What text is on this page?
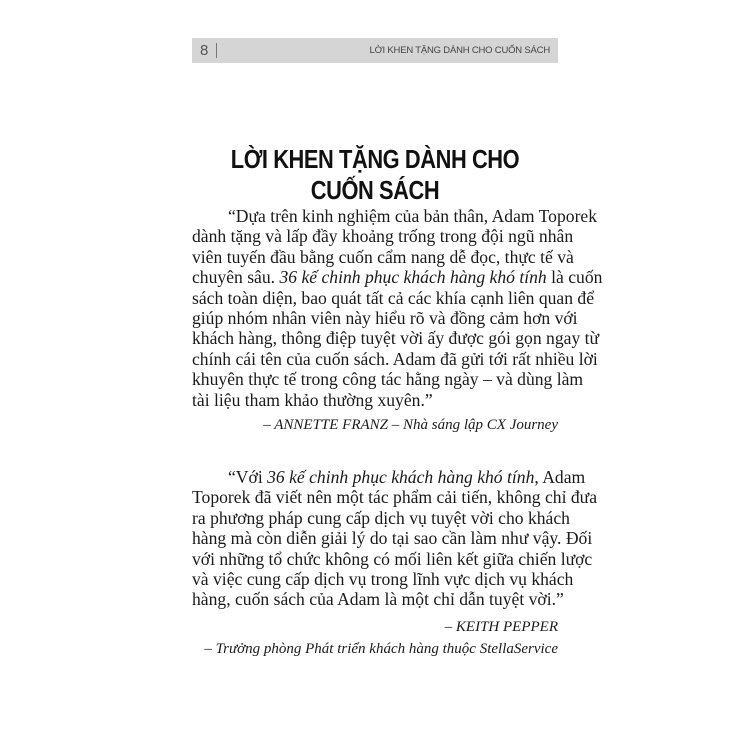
8	LỜI KHEN TẶNG DÀNH CHO CUỐN SÁCH
LỜI KHEN TẶNG DÀNH CHO CUỐN SÁCH
“Dựa trên kinh nghiệm của bản thân, Adam Toporek
dành tặng và lấp đầy khoảng trống trong đội ngũ nhân
viên tuyến đầu bằng cuốn cẩm nang dễ đọc, thực tế và
chuyên sâu. 36 kế chinh phục khách hàng khó tính là cuốn
sách toàn diện, bao quát tất cả các khía cạnh liên quan để
giúp nhóm nhân viên này hiểu rõ và đồng cảm hơn với
khách hàng, thông điệp tuyệt vời ấy được gói gọn ngay từ
chính cái tên của cuốn sách. Adam đã gửi tới rất nhiều lời
khuyên thực tế trong công tác hằng ngày – và dùng làm
tài liệu tham khảo thường xuyên.”
– ANNETTE FRANZ – Nhà sáng lập CX Journey
“Với 36 kế chinh phục khách hàng khó tính, Adam
Toporek đã viết nên một tác phẩm cải tiến, không chỉ đưa
ra phương pháp cung cấp dịch vụ tuyệt vời cho khách
hàng mà còn diễn giải lý do tại sao cần làm như vậy. Đối
với những tổ chức không có mối liên kết giữa chiến lược
và việc cung cấp dịch vụ trong lĩnh vực dịch vụ khách
hàng, cuốn sách của Adam là một chỉ dẫn tuyệt vời.”
– KEITH PEPPER
– Trưởng phòng Phát triển khách hàng thuộc StellaService
